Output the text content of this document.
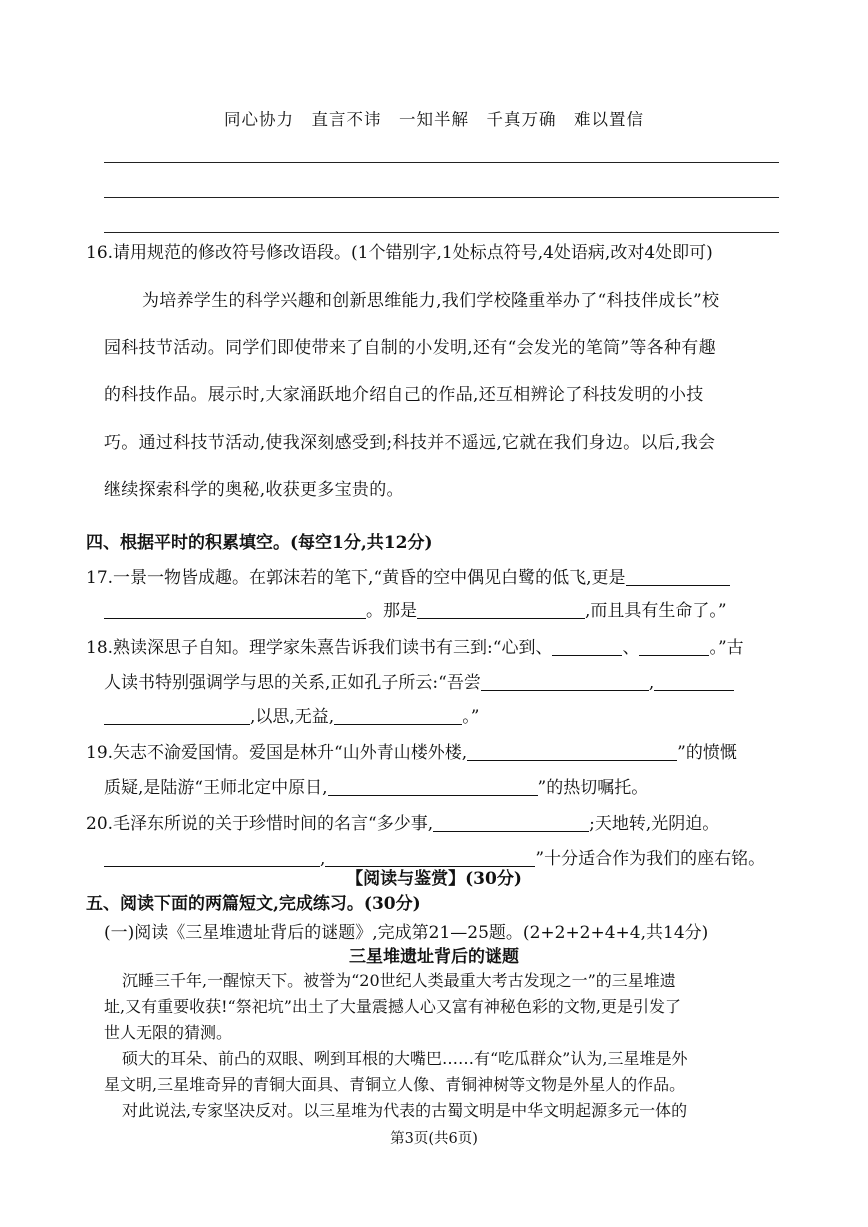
同心协力　直言不讳　一知半解　千真万确　难以置信
16.请用规范的修改符号修改语段。(1个错别字,1处标点符号,4处语病,改对4处即可)
为培养学生的科学兴趣和创新思维能力,我们学校隆重举办了“科技伴成长”校
园科技节活动。同学们即使带来了自制的小发明,还有“会发光的笔筒”等各种有趣
的科技作品。展示时,大家涌跃地介绍自己的作品,还互相辨论了科技发明的小技
巧。通过科技节活动,使我深刻感受到;科技并不遥远,它就在我们身边。以后,我会
继续探索科学的奥秘,收获更多宝贵的。
四、根据平时的积累填空。(每空1分,共12分)
17.一景一物皆成趣。在郭沫若的笔下,“黄昏的空中偶见白鹭的低飞,更是
。那是	,而且具有生命了。”
18.熟读深思子自知。理学家朱熹告诉我们读书有三到:“心到、	、	。”古
人读书特别强调学与思的关系,正如孔子所云:“吾尝	,
,以思,无益,	。”
19.矢志不渝爱国情。爱国是林升“山外青山楼外楼,	”的愤慨
质疑,是陆游“王师北定中原日,	”的热切嘱托。
20.毛泽东所说的关于珍惜时间的名言“多少事,	;天地转,光阴迫。
,	”十分适合作为我们的座右铭。
【阅读与鉴赏】(30分)
五、阅读下面的两篇短文,完成练习。(30分)
(一)阅读《三星堆遗址背后的谜题》,完成第21—25题。(2+2+2+4+4,共14分)
三星堆遗址背后的谜题
沉睡三千年,一醒惊天下。被誉为“20世纪人类最重大考古发现之一”的三星堆遗
址,又有重要收获!“祭祀坑”出土了大量震撼人心又富有神秘色彩的文物,更是引发了
世人无限的猜测。
硕大的耳朵、前凸的双眼、咧到耳根的大嘴巴……有“吃瓜群众”认为,三星堆是外
星文明,三星堆奇异的青铜大面具、青铜立人像、青铜神树等文物是外星人的作品。
对此说法,专家坚决反对。以三星堆为代表的古蜀文明是中华文明起源多元一体的
第3页(共6页)
